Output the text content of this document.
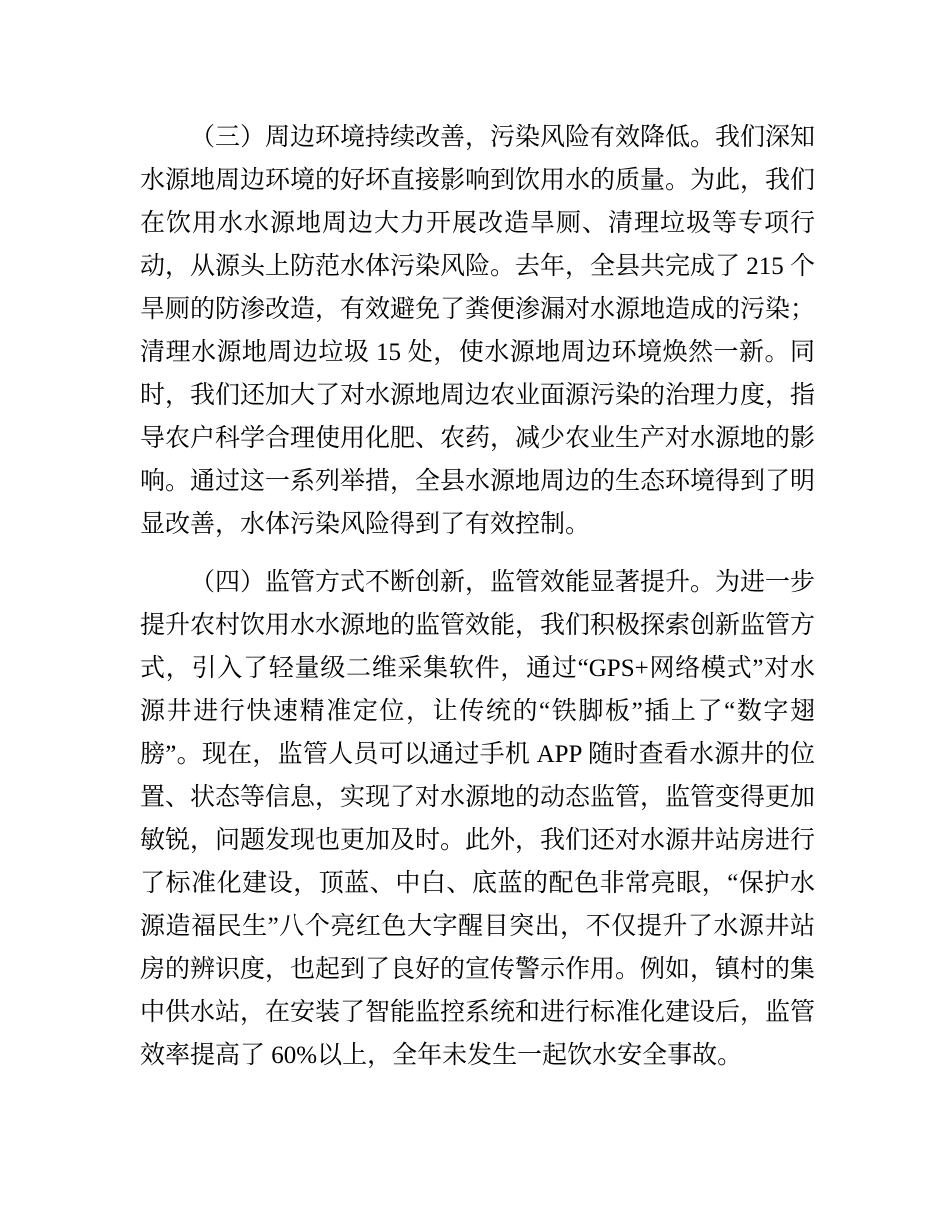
（三）周边环境持续改善，污染风险有效降低。我们深知水源地周边环境的好坏直接影响到饮用水的质量。为此，我们在饮用水水源地周边大力开展改造旱厕、清理垃圾等专项行动，从源头上防范水体污染风险。去年，全县共完成了 215 个旱厕的防渗改造，有效避免了粪便渗漏对水源地造成的污染；清理水源地周边垃圾 15 处，使水源地周边环境焕然一新。同时，我们还加大了对水源地周边农业面源污染的治理力度，指导农户科学合理使用化肥、农药，减少农业生产对水源地的影响。通过这一系列举措，全县水源地周边的生态环境得到了明显改善，水体污染风险得到了有效控制。

（四）监管方式不断创新，监管效能显著提升。为进一步提升农村饮用水水源地的监管效能，我们积极探索创新监管方式，引入了轻量级二维采集软件，通过“GPS+网络模式”对水源井进行快速精准定位，让传统的“铁脚板”插上了“数字翅膀”。现在，监管人员可以通过手机 APP 随时查看水源井的位置、状态等信息，实现了对水源地的动态监管，监管变得更加敏锐，问题发现也更加及时。此外，我们还对水源井站房进行了标准化建设，顶蓝、中白、底蓝的配色非常亮眼，“保护水源造福民生”八个亮红色大字醒目突出，不仅提升了水源井站房的辨识度，也起到了良好的宣传警示作用。例如，镇村的集中供水站，在安装了智能监控系统和进行标准化建设后，监管效率提高了 60%以上，全年未发生一起饮水安全事故。
